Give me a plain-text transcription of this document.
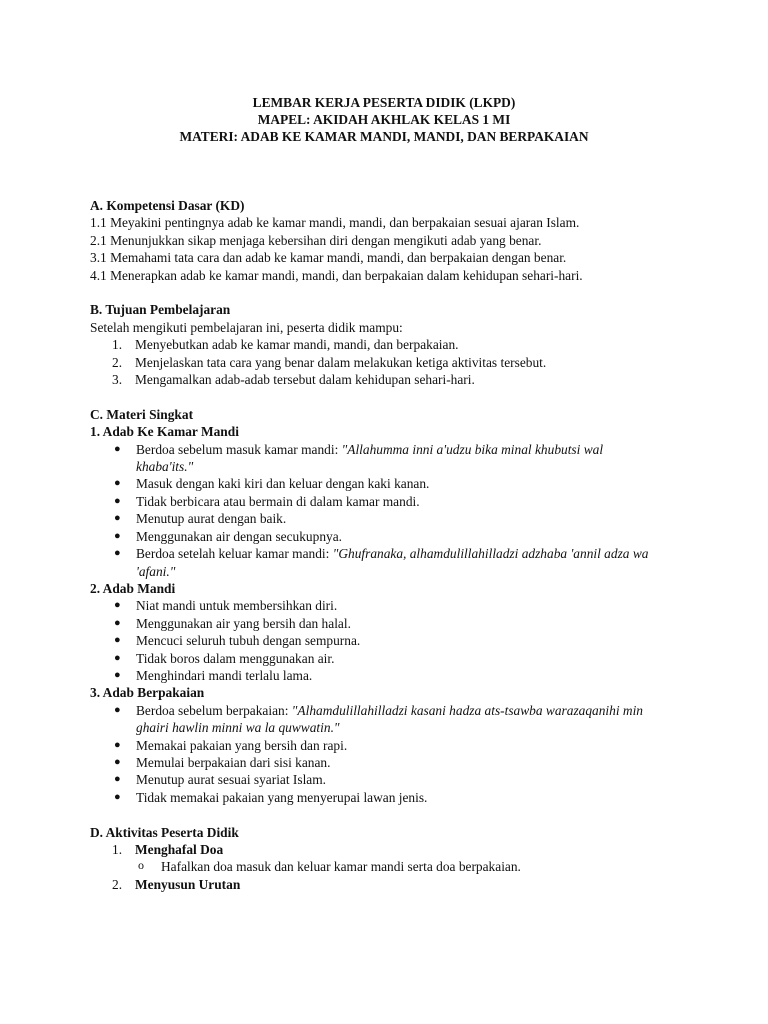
LEMBAR KERJA PESERTA DIDIK (LKPD)
MAPEL: AKIDAH AKHLAK KELAS 1 MI
MATERI: ADAB KE KAMAR MANDI, MANDI, DAN BERPAKAIAN
A. Kompetensi Dasar (KD)
1.1 Meyakini pentingnya adab ke kamar mandi, mandi, dan berpakaian sesuai ajaran Islam.
2.1 Menunjukkan sikap menjaga kebersihan diri dengan mengikuti adab yang benar.
3.1 Memahami tata cara dan adab ke kamar mandi, mandi, dan berpakaian dengan benar.
4.1 Menerapkan adab ke kamar mandi, mandi, dan berpakaian dalam kehidupan sehari-hari.
B. Tujuan Pembelajaran
Setelah mengikuti pembelajaran ini, peserta didik mampu:
1. Menyebutkan adab ke kamar mandi, mandi, dan berpakaian.
2. Menjelaskan tata cara yang benar dalam melakukan ketiga aktivitas tersebut.
3. Mengamalkan adab-adab tersebut dalam kehidupan sehari-hari.
C. Materi Singkat
1. Adab Ke Kamar Mandi
● Berdoa sebelum masuk kamar mandi: "Allahumma inni a'udzu bika minal khubutsi wal
khaba'its."
● Masuk dengan kaki kiri dan keluar dengan kaki kanan.
● Tidak berbicara atau bermain di dalam kamar mandi.
● Menutup aurat dengan baik.
● Menggunakan air dengan secukupnya.
● Berdoa setelah keluar kamar mandi: "Ghufranaka, alhamdulillahilladzi adzhaba 'annil adza wa
'afani."
2. Adab Mandi
● Niat mandi untuk membersihkan diri.
● Menggunakan air yang bersih dan halal.
● Mencuci seluruh tubuh dengan sempurna.
● Tidak boros dalam menggunakan air.
● Menghindari mandi terlalu lama.
3. Adab Berpakaian
● Berdoa sebelum berpakaian: "Alhamdulillahilladzi kasani hadza ats-tsawba warazaqanihi min
ghairi hawlin minni wa la quwwatin."
● Memakai pakaian yang bersih dan rapi.
● Memulai berpakaian dari sisi kanan.
● Menutup aurat sesuai syariat Islam.
● Tidak memakai pakaian yang menyerupai lawan jenis.
D. Aktivitas Peserta Didik
1. Menghafal Doa
o Hafalkan doa masuk dan keluar kamar mandi serta doa berpakaian.
2. Menyusun Urutan
